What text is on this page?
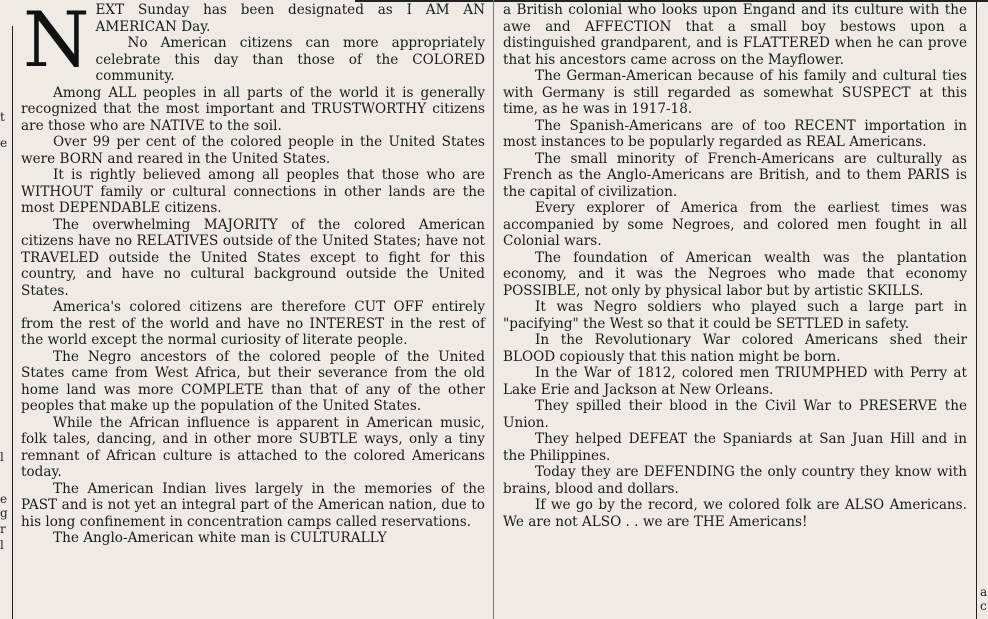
t
e
l
e
g
r
l
a
c
N EXT Sunday has been designated as I AM AN AMERICAN Day.

No American citizens can more appropriately celebrate this day than those of the COLORED community.

Among ALL peoples in all parts of the world it is generally recognized that the most important and TRUSTWORTHY citizens are those who are NATIVE to the soil.

Over 99 per cent of the colored people in the United States were BORN and reared in the United States.

It is rightly believed among all peoples that those who are WITHOUT family or cultural connections in other lands are the most DEPENDABLE citizens.

The overwhelming MAJORITY of the colored American citizens have no RELATIVES outside of the United States; have not TRAVELED outside the United States except to fight for this country, and have no cultural background outside the United States.

America's colored citizens are therefore CUT OFF entirely from the rest of the world and have no INTEREST in the rest of the world except the normal curiosity of literate people.

The Negro ancestors of the colored people of the United States came from West Africa, but their severance from the old home land was more COMPLETE than that of any of the other peoples that make up the population of the United States.

While the African influence is apparent in American music, folk tales, dancing, and in other more SUBTLE ways, only a tiny remnant of African culture is attached to the colored Americans today.

The American Indian lives largely in the memories of the PAST and is not yet an integral part of the American nation, due to his long confinement in concentration camps called reservations.

The Anglo-American white man is CULTURALLY

a British colonial who looks upon Engand and its culture with the awe and AFFECTION that a small boy bestows upon a distinguished grandparent, and is FLATTERED when he can prove that his ancestors came across on the Mayflower.

The German-American because of his family and cultural ties with Germany is still regarded as somewhat SUSPECT at this time, as he was in 1917-18.

The Spanish-Americans are of too RECENT importation in most instances to be popularly regarded as REAL Americans.

The small minority of French-Americans are culturally as French as the Anglo-Americans are British, and to them PARIS is the capital of civilization.

Every explorer of America from the earliest times was accompanied by some Negroes, and colored men fought in all Colonial wars.

The foundation of American wealth was the plantation economy, and it was the Negroes who made that economy POSSIBLE, not only by physical labor but by artistic SKILLS.

It was Negro soldiers who played such a large part in "pacifying" the West so that it could be SETTLED in safety.

In the Revolutionary War colored Americans shed their BLOOD copiously that this nation might be born.

In the War of 1812, colored men TRIUMPHED with Perry at Lake Erie and Jackson at New Orleans.

They spilled their blood in the Civil War to PRESERVE the Union.

They helped DEFEAT the Spaniards at San Juan Hill and in the Philippines.

Today they are DEFENDING the only country they know with brains, blood and dollars.

If we go by the record, we colored folk are ALSO Americans. We are not ALSO . . we are THE Americans!
